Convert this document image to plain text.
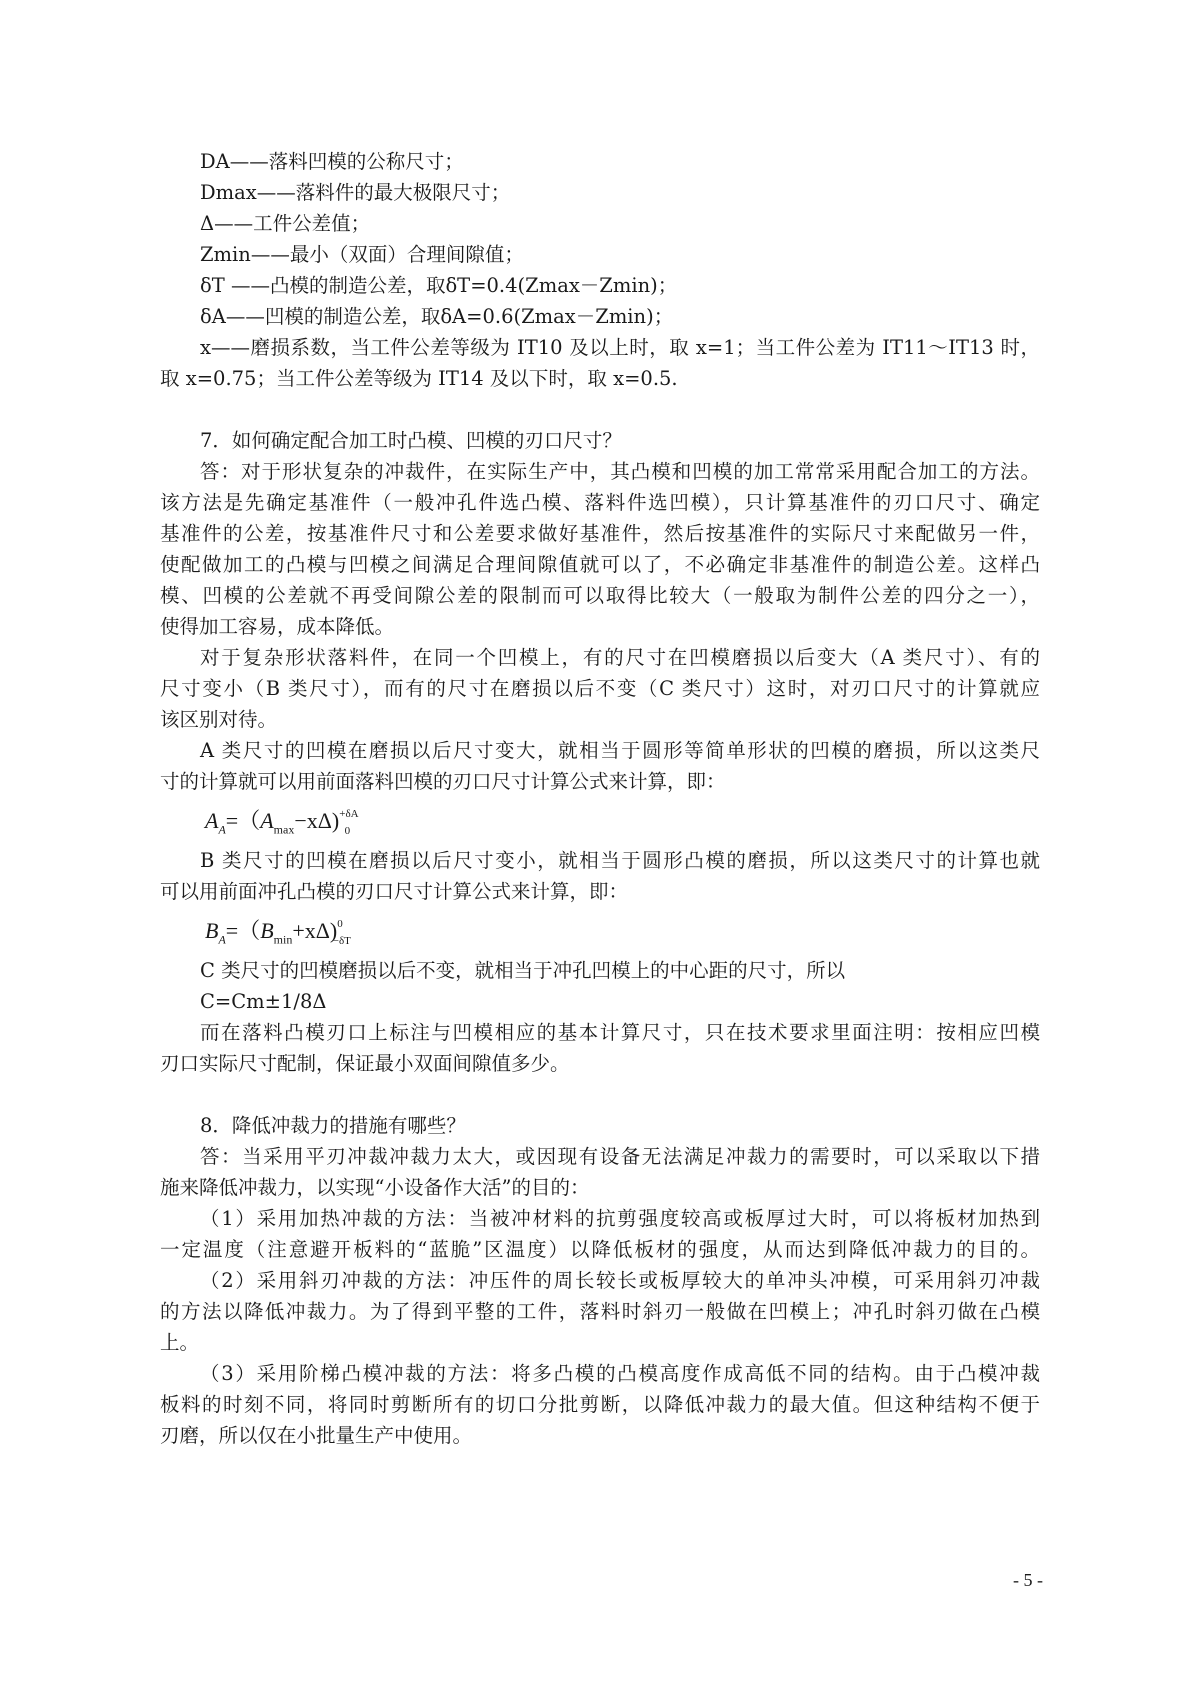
DA——落料凹模的公称尺寸；
Dmax——落料件的最大极限尺寸；
Δ——工件公差值；
Zmin——最小（双面）合理间隙值；
δT ——凸模的制造公差，取δT=0.4(Zmax－Zmin)；
δA——凹模的制造公差，取δA=0.6(Zmax－Zmin)；
x——磨损系数，当工件公差等级为 IT10 及以上时，取 x=1；当工件公差为 IT11～IT13 时，
取 x=0.75；当工件公差等级为 IT14 及以下时，取 x=0.5.
7．如何确定配合加工时凸模、凹模的刃口尺寸？
答：对于形状复杂的冲裁件，在实际生产中，其凸模和凹模的加工常常采用配合加工的方法。
该方法是先确定基准件（一般冲孔件选凸模、落料件选凹模），只计算基准件的刃口尺寸、确定
基准件的公差，按基准件尺寸和公差要求做好基准件，然后按基准件的实际尺寸来配做另一件，
使配做加工的凸模与凹模之间满足合理间隙值就可以了，不必确定非基准件的制造公差。这样凸
模、凹模的公差就不再受间隙公差的限制而可以取得比较大（一般取为制件公差的四分之一），
使得加工容易，成本降低。
对于复杂形状落料件，在同一个凹模上，有的尺寸在凹模磨损以后变大（A 类尺寸）、有的
尺寸变小（B 类尺寸），而有的尺寸在磨损以后不变（C 类尺寸）这时，对刃口尺寸的计算就应
该区别对待。
A 类尺寸的凹模在磨损以后尺寸变大，就相当于圆形等简单形状的凹模的磨损，所以这类尺
寸的计算就可以用前面落料凹模的刃口尺寸计算公式来计算，即：
$A_A=(A_{max}-x\Delta)^{+\delta A}_0$
B 类尺寸的凹模在磨损以后尺寸变小，就相当于圆形凸模的磨损，所以这类尺寸的计算也就
可以用前面冲孔凸模的刃口尺寸计算公式来计算，即：
$B_A=(B_{min}+x\Delta)^0_{-\delta T}$
C 类尺寸的凹模磨损以后不变，就相当于冲孔凹模上的中心距的尺寸，所以
C=Cm±1/8Δ
而在落料凸模刃口上标注与凹模相应的基本计算尺寸，只在技术要求里面注明：按相应凹模
刃口实际尺寸配制，保证最小双面间隙值多少。
8．降低冲裁力的措施有哪些？
答：当采用平刃冲裁冲裁力太大，或因现有设备无法满足冲裁力的需要时，可以采取以下措
施来降低冲裁力，以实现“小设备作大活”的目的：
（1）采用加热冲裁的方法：当被冲材料的抗剪强度较高或板厚过大时，可以将板材加热到
一定温度（注意避开板料的“蓝脆”区温度）以降低板材的强度，从而达到降低冲裁力的目的。
（2）采用斜刃冲裁的方法：冲压件的周长较长或板厚较大的单冲头冲模，可采用斜刃冲裁
的方法以降低冲裁力。为了得到平整的工件，落料时斜刃一般做在凹模上；冲孔时斜刃做在凸模
上。
（3）采用阶梯凸模冲裁的方法：将多凸模的凸模高度作成高低不同的结构。由于凸模冲裁
板料的时刻不同，将同时剪断所有的切口分批剪断，以降低冲裁力的最大值。但这种结构不便于
刃磨，所以仅在小批量生产中使用。
- 5 -
